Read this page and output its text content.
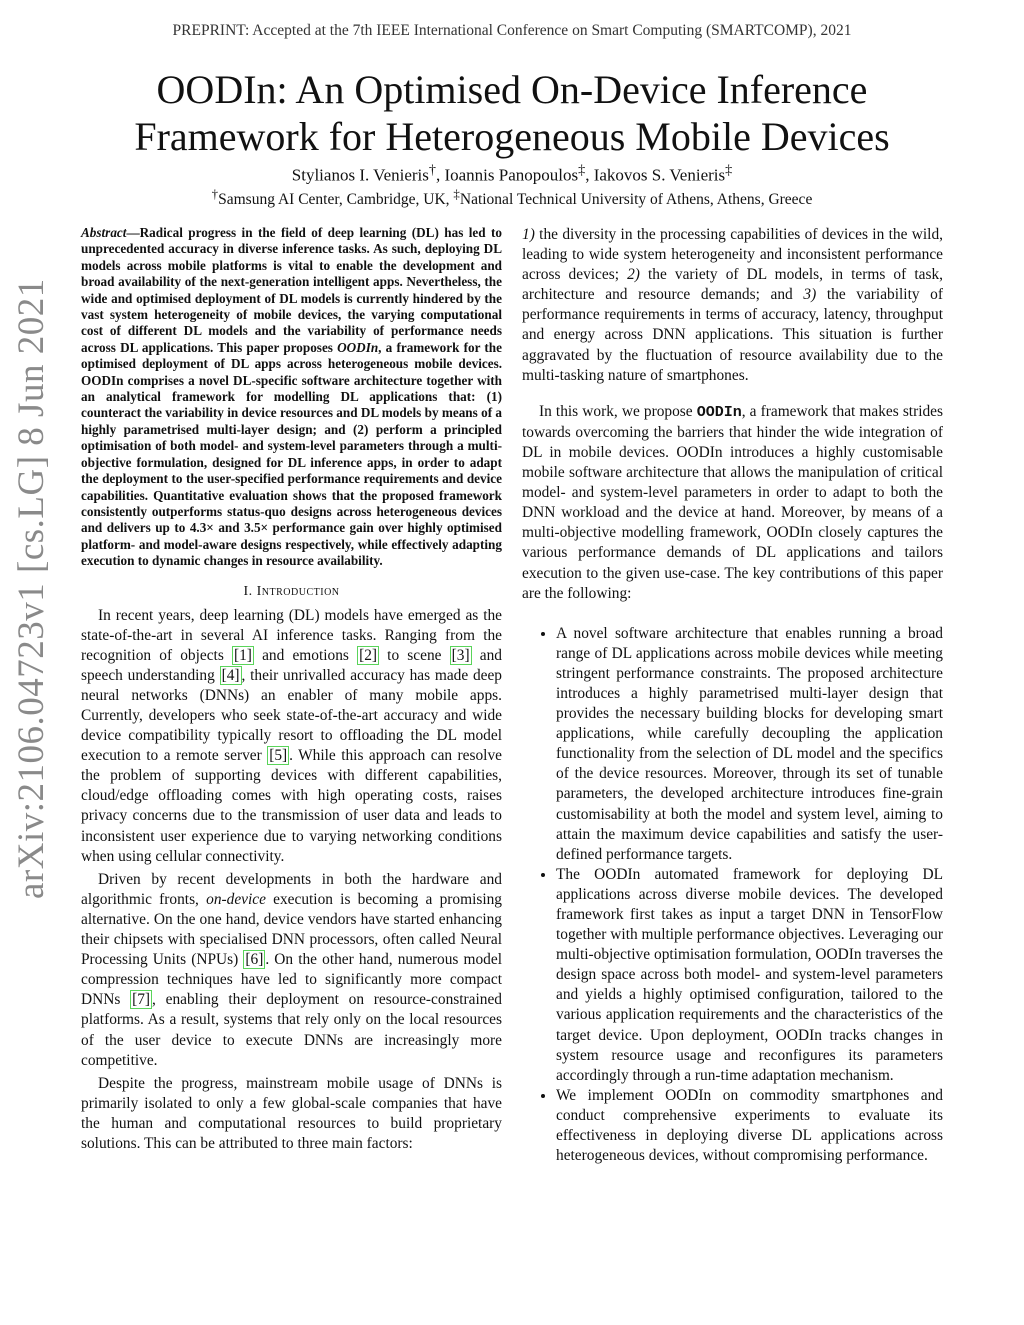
PREPRINT: Accepted at the 7th IEEE International Conference on Smart Computing (SMARTCOMP), 2021
OODIn: An Optimised On-Device Inference
Framework for Heterogeneous Mobile Devices
Stylianos I. Venieris†, Ioannis Panopoulos‡, Iakovos S. Venieris‡
†Samsung AI Center, Cambridge, UK, ‡National Technical University of Athens, Athens, Greece
arXiv:2106.04723v1 [cs.LG] 8 Jun 2021

Abstract—Radical progress in the field of deep learning (DL) has led to unprecedented accuracy in diverse inference tasks. As such, deploying DL models across mobile platforms is vital to enable the development and broad availability of the next-generation intelligent apps. Nevertheless, the wide and optimised deployment of DL models is currently hindered by the vast system heterogeneity of mobile devices, the varying computational cost of different DL models and the variability of performance needs across DL applications. This paper proposes OODIn, a framework for the optimised deployment of DL apps across heterogeneous mobile devices. OODIn comprises a novel DL-specific software architecture together with an analytical framework for modelling DL applications that: (1) counteract the variability in device resources and DL models by means of a highly parametrised multi-layer design; and (2) perform a principled optimisation of both model- and system-level parameters through a multi-objective formulation, designed for DL inference apps, in order to adapt the deployment to the user-specified performance requirements and device capabilities. Quantitative evaluation shows that the proposed framework consistently outperforms status-quo designs across heterogeneous devices and delivers up to 4.3× and 3.5× performance gain over highly optimised platform- and model-aware designs respectively, while effectively adapting execution to dynamic changes in resource availability.

I. Introduction

In recent years, deep learning (DL) models have emerged as the state-of-the-art in several AI inference tasks. Ranging from the recognition of objects [1] and emotions [2] to scene [3] and speech understanding [4] , their unrivalled accuracy has made deep neural networks (DNNs) an enabler of many mobile apps. Currently, developers who seek state-of-the-art accuracy and wide device compatibility typically resort to offloading the DL model execution to a remote server [5] . While this approach can resolve the problem of supporting devices with different capabilities, cloud/edge offloading comes with high operating costs, raises privacy concerns due to the transmission of user data and leads to inconsistent user experience due to varying networking conditions when using cellular connectivity.

Driven by recent developments in both the hardware and algorithmic fronts, on-device execution is becoming a promising alternative. On the one hand, device vendors have started enhancing their chipsets with specialised DNN processors, often called Neural Processing Units (NPUs) [6] . On the other hand, numerous model compression techniques have led to significantly more compact DNNs [7] , enabling their deployment on resource-constrained platforms. As a result, systems that rely only on the local resources of the user device to execute DNNs are increasingly more competitive.

Despite the progress, mainstream mobile usage of DNNs is primarily isolated to only a few global-scale companies that have the human and computational resources to build proprietary solutions. This can be attributed to three main factors:

1) the diversity in the processing capabilities of devices in the wild, leading to wide system heterogeneity and inconsistent performance across devices; 2) the variety of DL models, in terms of task, architecture and resource demands; and 3) the variability of performance requirements in terms of accuracy, latency, throughput and energy across DNN applications. This situation is further aggravated by the fluctuation of resource availability due to the multi-tasking nature of smartphones.

In this work, we propose OODIn, a framework that makes strides towards overcoming the barriers that hinder the wide integration of DL in mobile devices. OODIn introduces a highly customisable mobile software architecture that allows the manipulation of critical model- and system-level parameters in order to adapt to both the DNN workload and the device at hand. Moreover, by means of a multi-objective modelling framework, OODIn closely captures the various performance demands of DL applications and tailors execution to the given use-case. The key contributions of this paper are the following:

• A novel software architecture that enables running a broad range of DL applications across mobile devices while meeting stringent performance constraints. The proposed architecture introduces a highly parametrised multi-layer design that provides the necessary building blocks for developing smart applications, while carefully decoupling the application functionality from the selection of DL model and the specifics of the device resources. Moreover, through its set of tunable parameters, the developed architecture introduces fine-grain customisability at both the model and system level, aiming to attain the maximum device capabilities and satisfy the user-defined performance targets.
• The OODIn automated framework for deploying DL applications across diverse mobile devices. The developed framework first takes as input a target DNN in TensorFlow together with multiple performance objectives. Leveraging our multi-objective optimisation formulation, OODIn traverses the design space across both model- and system-level parameters and yields a highly optimised configuration, tailored to the various application requirements and the characteristics of the target device. Upon deployment, OODIn tracks changes in system resource usage and reconfigures its parameters accordingly through a run-time adaptation mechanism.
• We implement OODIn on commodity smartphones and conduct comprehensive experiments to evaluate its effectiveness in deploying diverse DL applications across heterogeneous devices, without compromising performance.
